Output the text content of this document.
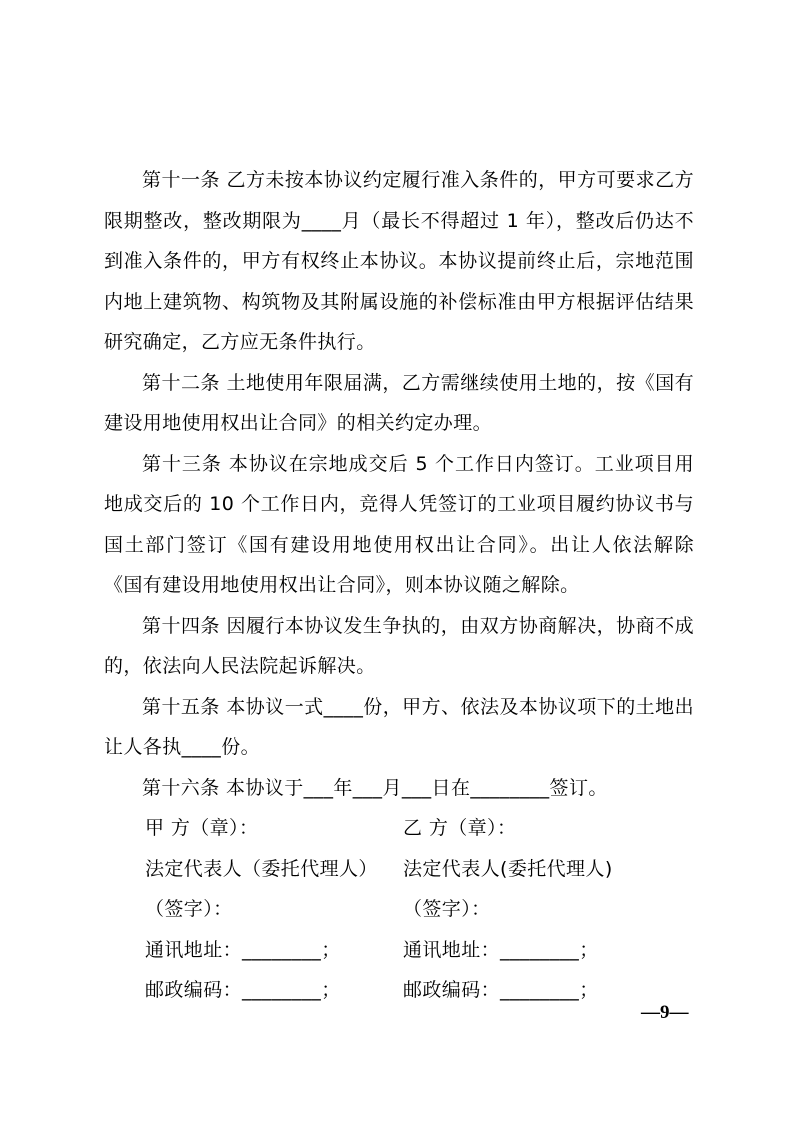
第十一条 乙方未按本协议约定履行准入条件的，甲方可要求乙方限期整改，整改期限为____月（最长不得超过 1 年），整改后仍达不到准入条件的，甲方有权终止本协议。本协议提前终止后，宗地范围内地上建筑物、构筑物及其附属设施的补偿标准由甲方根据评估结果研究确定，乙方应无条件执行。

第十二条 土地使用年限届满，乙方需继续使用土地的，按《国有建设用地使用权出让合同》的相关约定办理。

第十三条 本协议在宗地成交后 5 个工作日内签订。工业项目用地成交后的 10 个工作日内，竞得人凭签订的工业项目履约协议书与国土部门签订《国有建设用地使用权出让合同》。出让人依法解除《国有建设用地使用权出让合同》，则本协议随之解除。

第十四条 因履行本协议发生争执的，由双方协商解决，协商不成的，依法向人民法院起诉解决。

第十五条 本协议一式____份，甲方、依法及本协议项下的土地出让人各执____份。

第十六条 本协议于___年___月___日在________签订。

甲 方（章）：	乙 方（章）：
法定代表人（委托代理人） 法定代表人(委托代理人)
（签字）：	（签字）：
通讯地址：________；	通讯地址：________；
邮政编码：________；	邮政编码：________；
—9—
